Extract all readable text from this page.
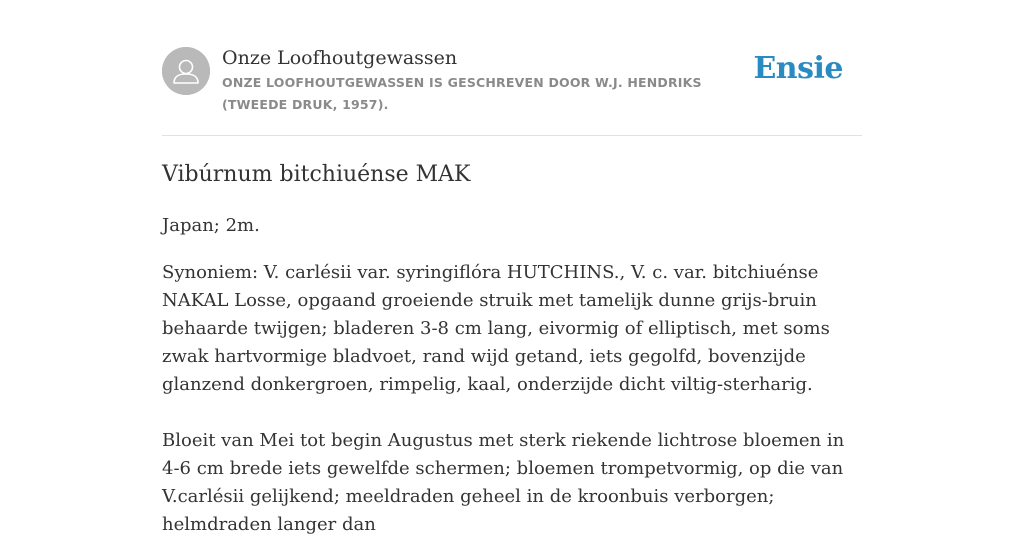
Onze Loofhoutgewassen

ONZE LOOFHOUTGEWASSEN IS GESCHREVEN DOOR W.J. HENDRIKS (TWEEDE DRUK, 1957).

Ensie
Vibúrnum bitchiuénse MAK

Japan; 2m.

Synoniem: V. carlésii var. syringiflóra HUTCHINS., V. c. var. bitchiuénse NAKAL Losse, opgaand groeiende struik met tamelijk dunne grijs-bruin behaarde twijgen; bladeren 3-8 cm lang, eivormig of elliptisch, met soms zwak hartvormige bladvoet, rand wijd getand, iets gegolfd, bovenzijde glanzend donkergroen, rimpelig, kaal, onderzijde dicht viltig-sterharig.

Bloeit van Mei tot begin Augustus met sterk riekende lichtrose bloemen in 4-6 cm brede iets gewelfde schermen; bloemen trompetvormig, op die van V.carlésii gelijkend; meeldraden geheel in de kroonbuis verborgen; helmdraden langer dan
